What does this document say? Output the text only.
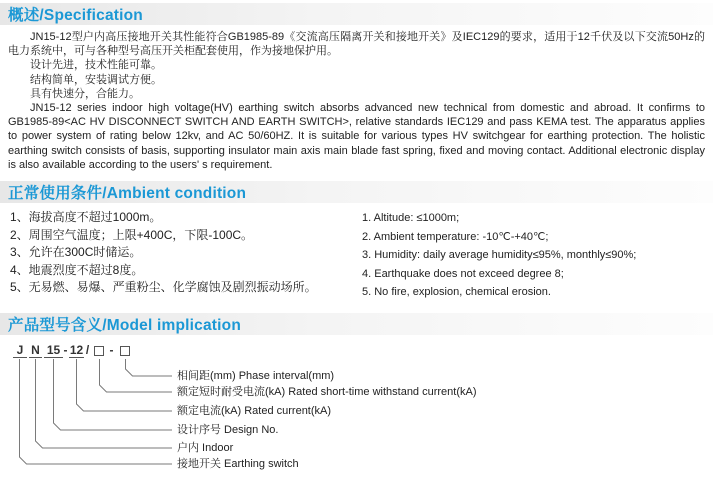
概述/Specification

JN15-12型户内高压接地开关其性能符合GB1985-89《交流高压隔离开关和接地开关》及IEC129的要求，适用于12千伏及以下交流50Hz的电力系统中，可与各种型号高压开关柜配套使用，作为接地保护用。

设计先进，技术性能可靠。

结构简单，安装调试方便。

具有快速分，合能力。

JN15-12 series indoor high voltage(HV) earthing switch absorbs advanced new technical from domestic and abroad. It confirms to GB1985-89<AC HV DISCONNECT SWITCH AND EARTH SWITCH>, relative standards IEC129 and pass KEMA test. The apparatus applies to power system of rating below 12kv, and AC 50/60HZ. It is suitable for various types HV switchgear for earthing protection. The holistic earthing switch consists of basis, supporting insulator main axis main blade fast spring, fixed and moving contact. Additional electronic display is also available according to the users' s requirement.

正常使用条件/Ambient condition
1、海拔高度不超过1000m。
2、周围空气温度；上限+400C，下限-100C。
3、允许在300C时储运。
4、地震烈度不超过8度。
5、无易燃、易爆、严重粉尘、化学腐蚀及剧烈振动场所。
1. Altitude: ≤1000m;
2. Ambient temperature: -10℃-+40℃;
3. Humidity: daily average humidity≤95%, monthly≤90%;
4. Earthquake does not exceed degree 8;
5. No fire, explosion, chemical erosion.
产品型号含义/Model implication
J N 15 - 12 / -
相间距(mm) Phase interval(mm)
额定短时耐受电流(kA) Rated short-time withstand current(kA)
额定电流(kA) Rated current(kA)
设计序号 Design No.
户内 Indoor
接地开关 Earthing switch
